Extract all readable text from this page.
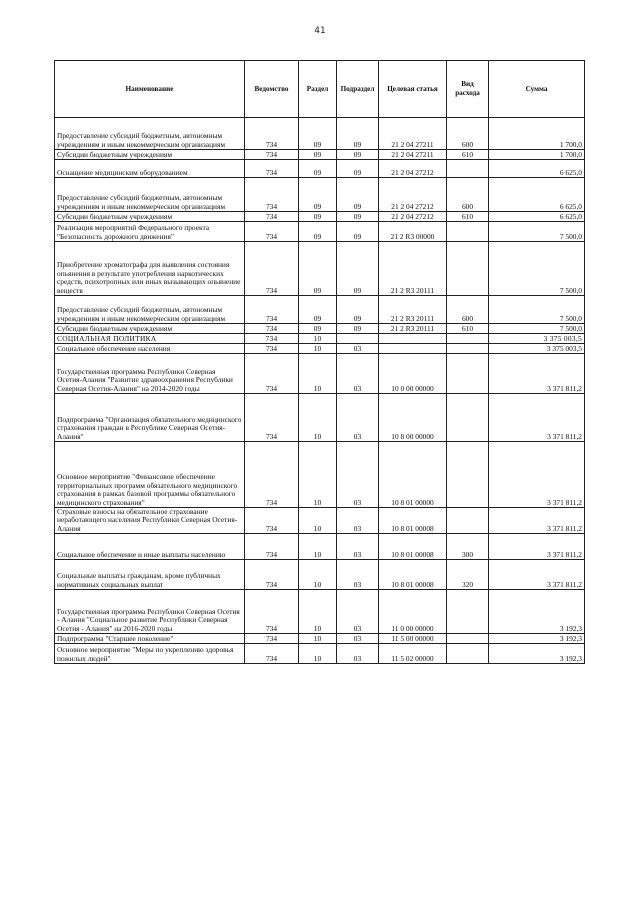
41
Наименование	Ведомство	Раздел	Подраздел	Целевая статья	Вид расхода	Сумма
Предоставление субсидий бюджетным, автономным учреждениям и иным некоммерческим организациям	734	09	09	21 2 04 27211	600	1 700,0
Субсидии бюджетным учреждениям	734	09	09	21 2 04 27211	610	1 700,0
Оснащение медицинским оборудованием	734	09	09	21 2 04 27212		6 625,0
Предоставление субсидий бюджетным, автономным учреждениям и иным некоммерческим организациям	734	09	09	21 2 04 27212	600	6 625,0
Субсидии бюджетным учреждениям	734	09	09	21 2 04 27212	610	6 625,0
Реализация мероприятий Федерального проекта "Безопасность дорожного движения"	734	09	09	21 2 R3 00000		7 500,0
Приобретение хроматографа для выявления состояния опьянения в результате употребления наркотических средств, психотропных или иных вызывающих опьянение веществ	734	09	09	21 2 R3 20111		7 500,0
Предоставление субсидий бюджетным, автономным учреждениям и иным некоммерческим организациям	734	09	09	21 2 R3 20111	600	7 500,0
Субсидии бюджетным учреждениям	734	09	09	21 2 R3 20111	610	7 500,0
СОЦИАЛЬНАЯ ПОЛИТИКА	734	10				3 375 003,5
Социальное обеспечение населения	734	10	03			3 375 003,5
Государственная программа Республики Северная Осетия-Алания "Развитие здравоохранения Республики Северная Осетия-Алания" на 2014-2020 годы	734	10	03	10 0 00 00000		3 371 811,2
Подпрограмма "Организация обязательного медицинского страхования граждан в Республике Северная Осетия-Алания"	734	10	03	10 8 00 00000		3 371 811,2
Основное мероприятие "Финансовое обеспечение территориальных программ обязательного медицинского страхования в рамках базовой программы обязательного медицинского страхования"	734	10	03	10 8 01 00000		3 371 811,2
Страховые взносы на обязательное страхование неработающего населения Республики Северная Осетия-Алания	734	10	03	10 8 01 00008		3 371 811,2
Социальное обеспечение и иные выплаты населению	734	10	03	10 8 01 00008	300	3 371 811,2
Социальные выплаты гражданам, кроме публичных нормативных социальных выплат	734	10	03	10 8 01 00008	320	3 371 811,2
Государственная программа Республики Северная Осетия - Алания "Социальное развитие Республики Северная Осетия - Алания" на 2016-2020 годы	734	10	03	11 0 00 00000		3 192,3
Подпрограмма "Старшее поколение"	734	10	03	11 5 00 00000		3 192,3
Основное мероприятие "Меры по укреплению здоровья пожилых людей"	734	10	03	11 5 02 00000		3 192,3
